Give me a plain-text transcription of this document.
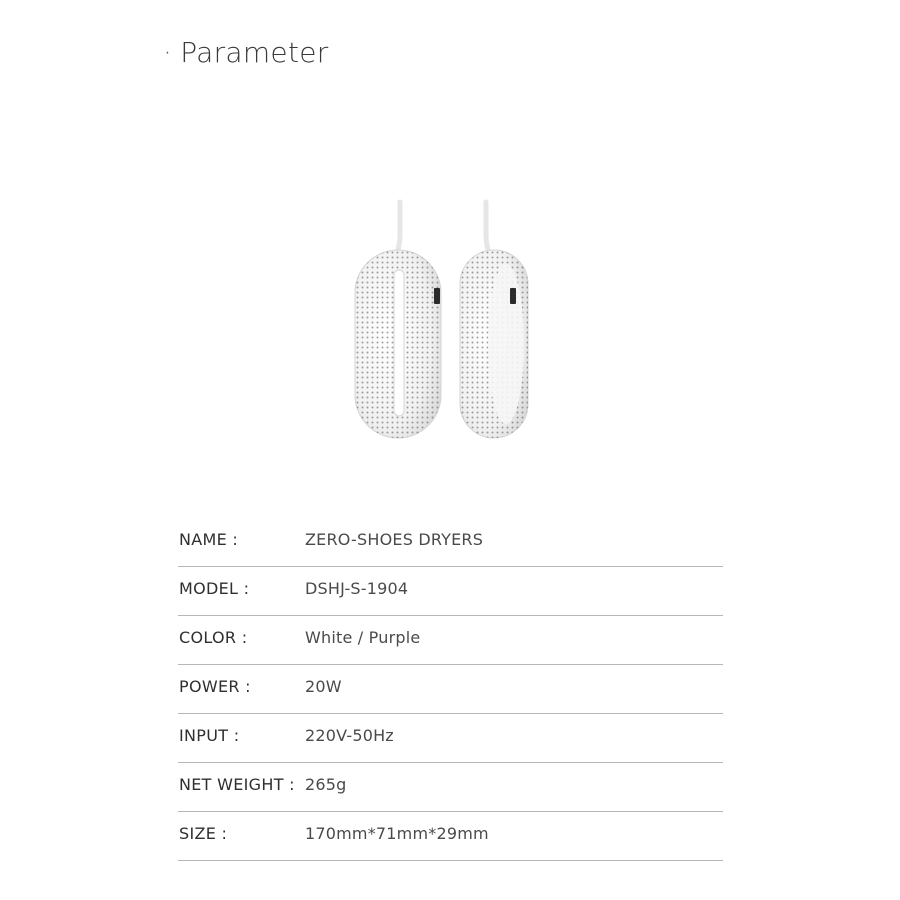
· Parameter
NAME :	ZERO-SHOES DRYERS
MODEL :	DSHJ-S-1904
COLOR :	White / Purple
POWER :	20W
INPUT :	220V-50Hz
NET WEIGHT : 265g
SIZE :	170mm*71mm*29mm
